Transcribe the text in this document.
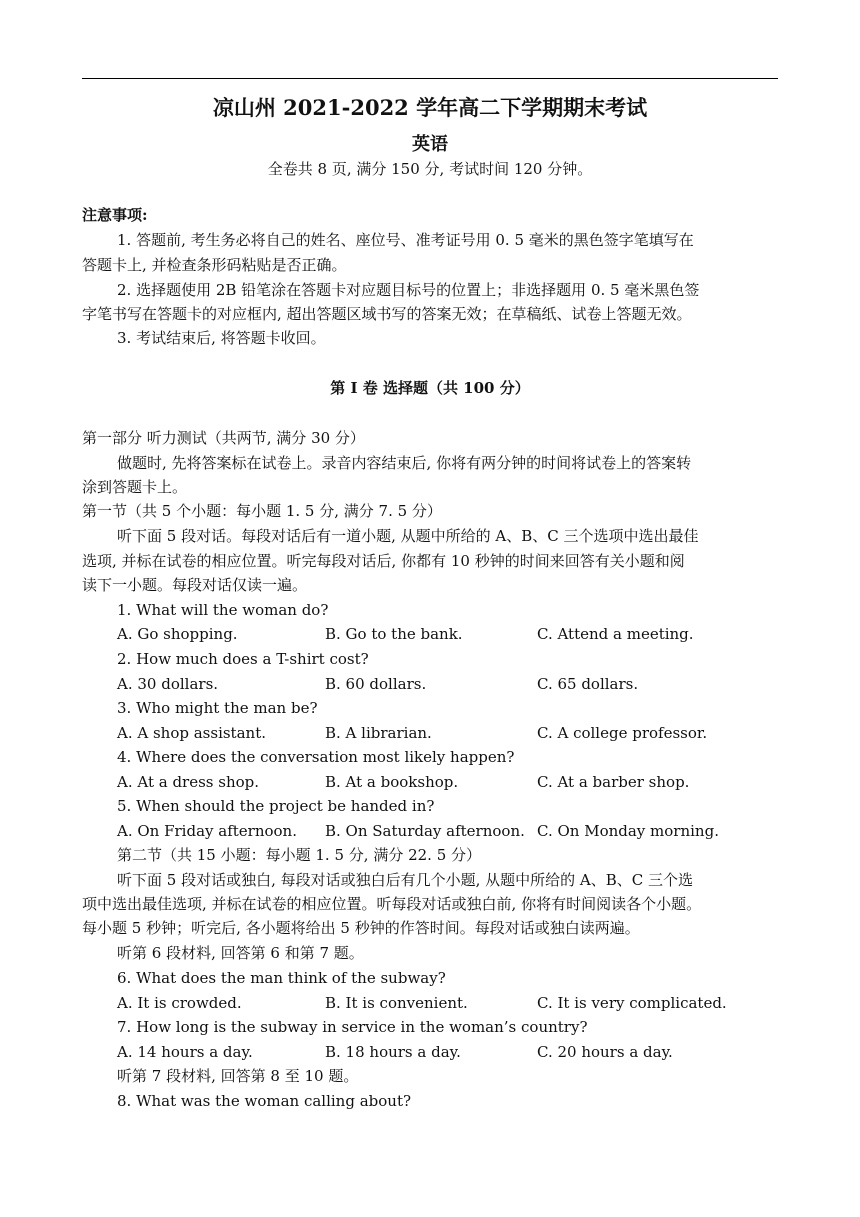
凉山州 2021-2022 学年高二下学期期末考试
英语
全卷共 8 页, 满分 150 分, 考试时间 120 分钟。
注意事项:
1. 答题前, 考生务必将自己的姓名、座位号、准考证号用 0. 5 毫米的黑色签字笔填写在
答题卡上, 并检查条形码粘贴是否正确。
2. 选择题使用 2B 铅笔涂在答题卡对应题目标号的位置上；非选择题用 0. 5 毫米黑色签
字笔书写在答题卡的对应框内, 超出答题区域书写的答案无效；在草稿纸、试卷上答题无效。
3. 考试结束后, 将答题卡收回。
第 I 卷 选择题（共 100 分）
第一部分 听力测试（共两节, 满分 30 分）
做题时, 先将答案标在试卷上。录音内容结束后, 你将有两分钟的时间将试卷上的答案转
涂到答题卡上。
第一节（共 5 个小题：每小题 1. 5 分, 满分 7. 5 分）
听下面 5 段对话。每段对话后有一道小题, 从题中所给的 A、B、C 三个选项中选出最佳
选项, 并标在试卷的相应位置。听完每段对话后, 你都有 10 秒钟的时间来回答有关小题和阅
读下一小题。每段对话仅读一遍。
1. What will the woman do?
A. Go shopping.	B. Go to the bank.	C. Attend a meeting.
2. How much does a T-shirt cost?
A. 30 dollars.	B. 60 dollars.	C. 65 dollars.
3. Who might the man be?
A. A shop assistant.	B. A librarian.	C. A college professor.
4. Where does the conversation most likely happen?
A. At a dress shop.	B. At a bookshop.	C. At a barber shop.
5. When should the project be handed in?
A. On Friday afternoon. B. On Saturday afternoon. C. On Monday morning.
第二节（共 15 小题：每小题 1. 5 分, 满分 22. 5 分）
听下面 5 段对话或独白, 每段对话或独白后有几个小题, 从题中所给的 A、B、C 三个选
项中选出最佳选项, 并标在试卷的相应位置。听每段对话或独白前, 你将有时间阅读各个小题。
每小题 5 秒钟；听完后, 各小题将给出 5 秒钟的作答时间。每段对话或独白读两遍。
听第 6 段材料, 回答第 6 和第 7 题。
6. What does the man think of the subway?
A. It is crowded.	B. It is convenient.	C. It is very complicated.
7. How long is the subway in service in the woman’s country?
A. 14 hours a day.	B. 18 hours a day.	C. 20 hours a day.
听第 7 段材料, 回答第 8 至 10 题。
8. What was the woman calling about?
